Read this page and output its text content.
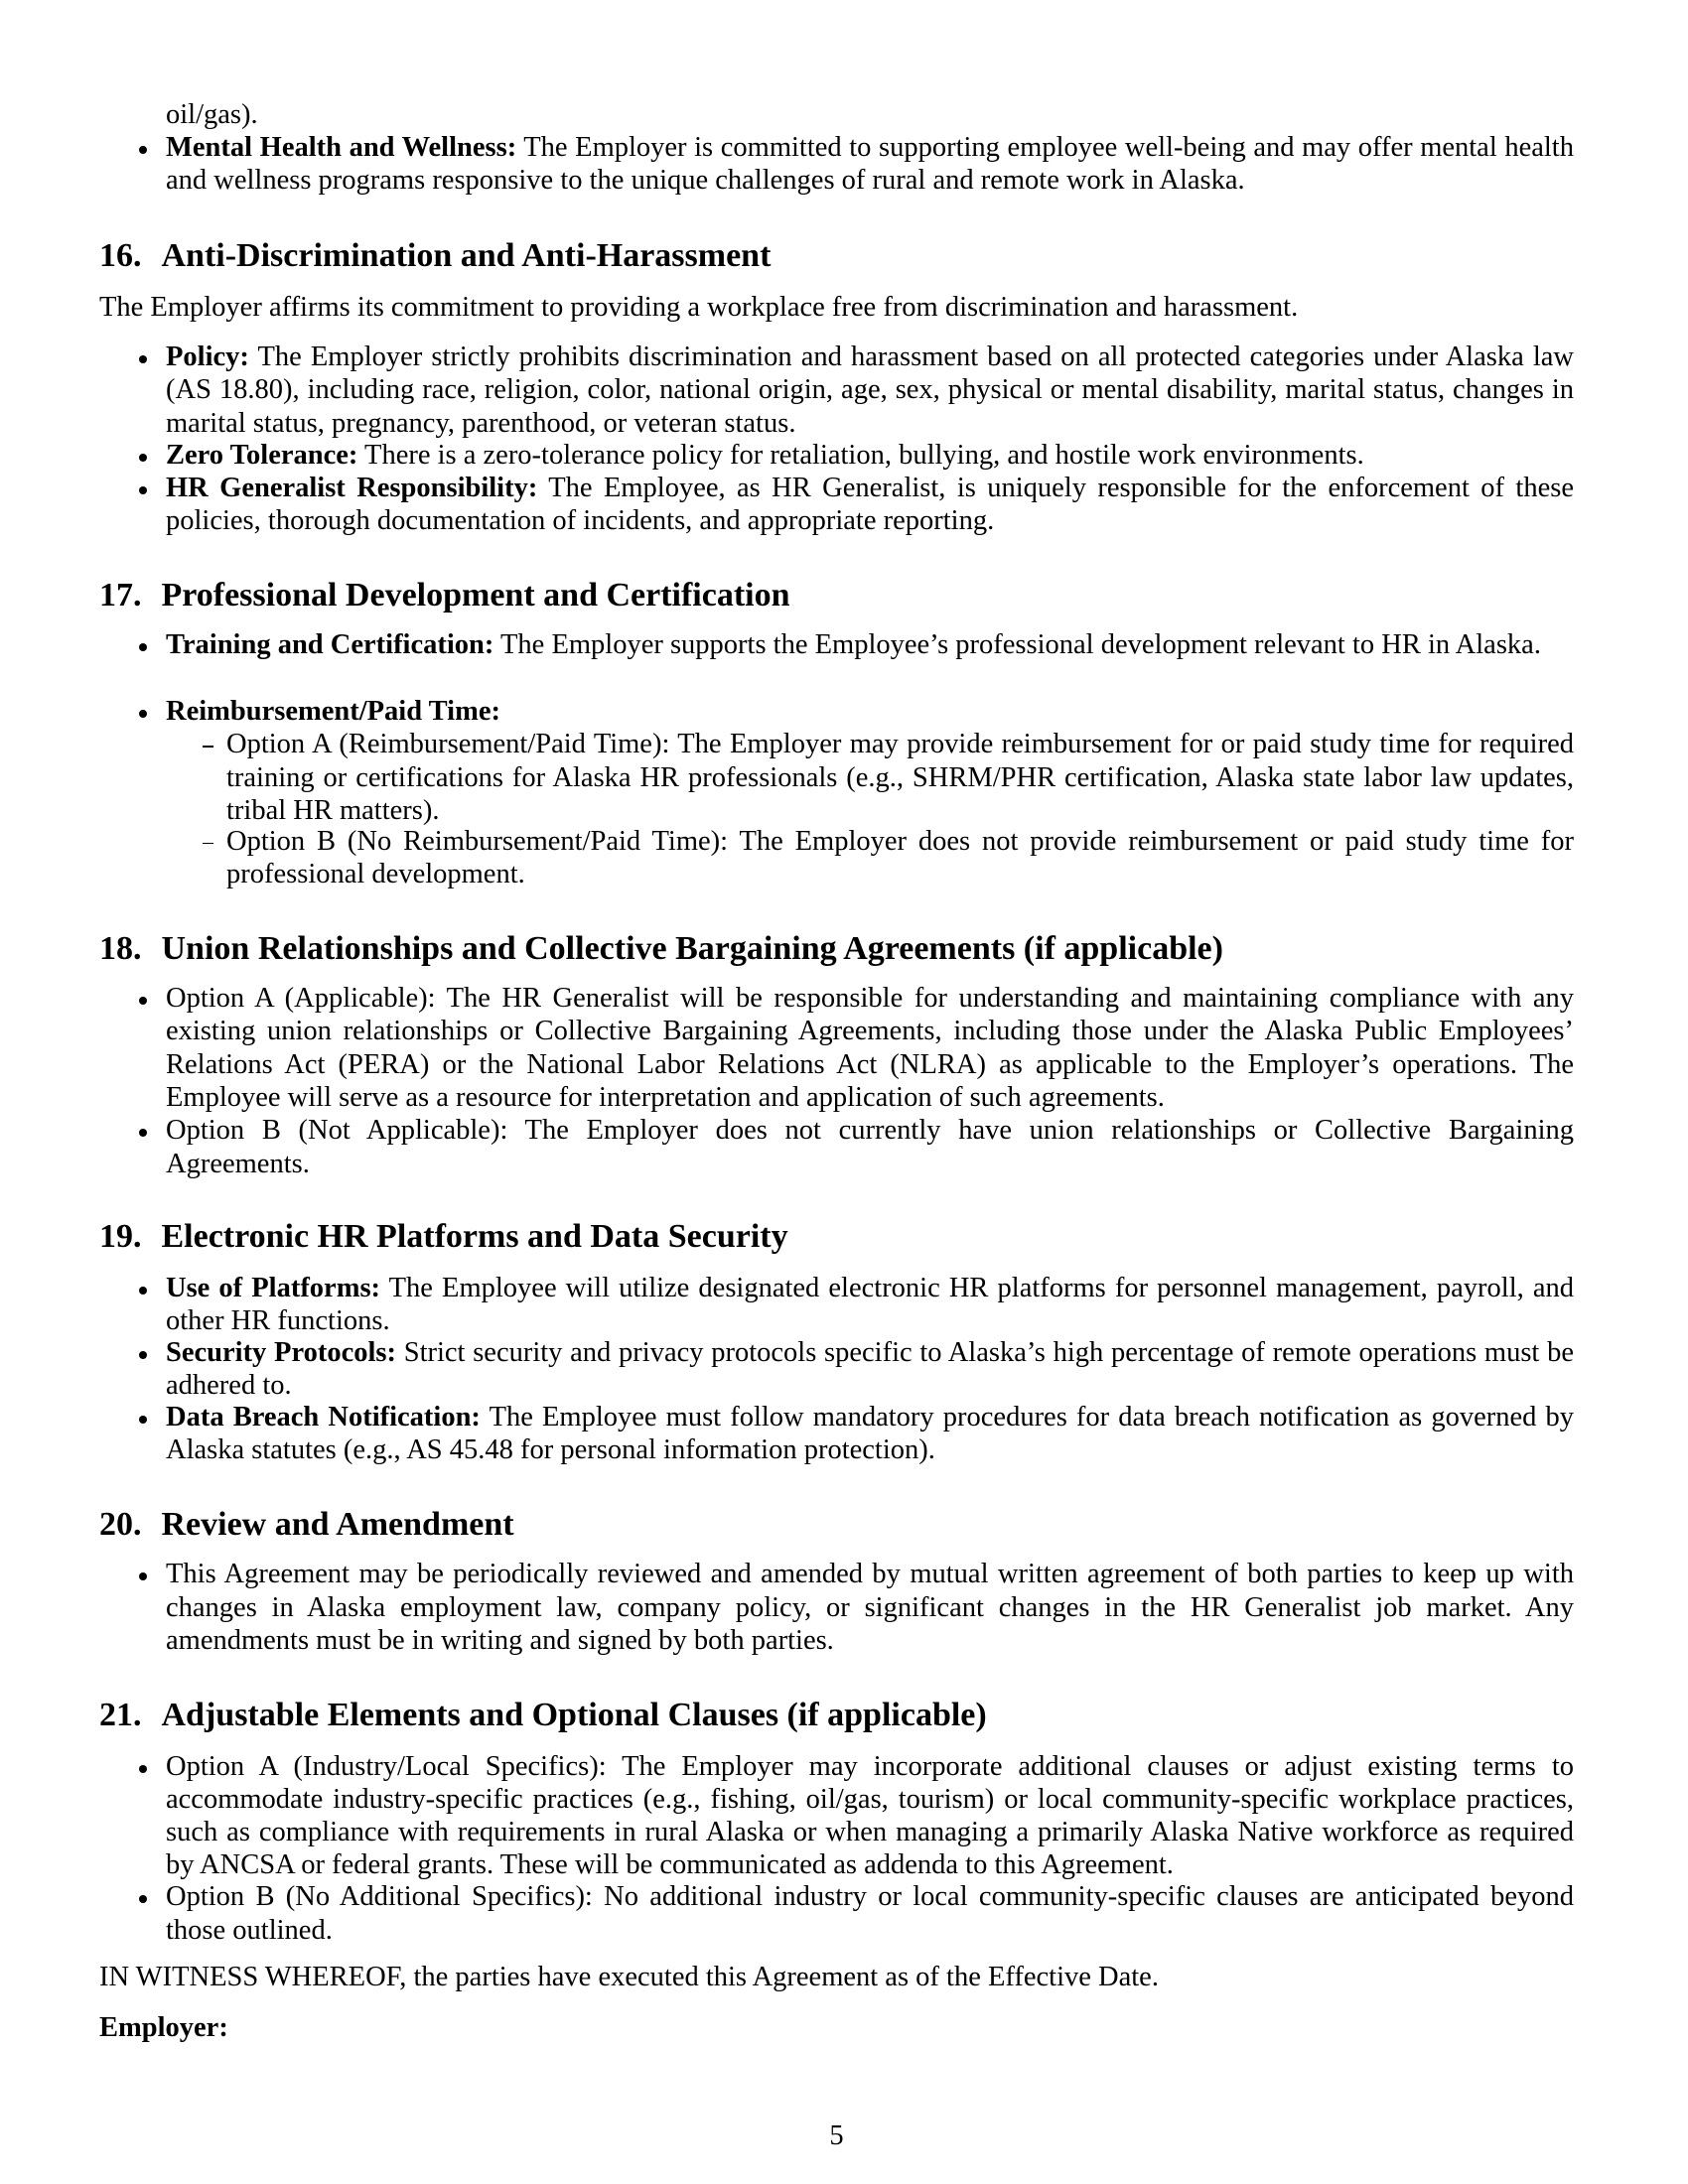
oil/gas).

Mental Health and Wellness: The Employer is committed to supporting employee well-being and may offer mental health and wellness programs responsive to the unique challenges of rural and remote work in Alaska.
16. Anti-Discrimination and Anti-Harassment

The Employer affirms its commitment to providing a workplace free from discrimination and harassment.

Policy: The Employer strictly prohibits discrimination and harassment based on all protected categories under Alaska law (AS 18.80), including race, religion, color, national origin, age, sex, physical or mental disability, marital status, changes in marital status, pregnancy, parenthood, or veteran status.
Zero Tolerance: There is a zero-tolerance policy for retaliation, bullying, and hostile work environments.
HR Generalist Responsibility: The Employee, as HR Generalist, is uniquely responsible for the enforcement of these policies, thorough documentation of incidents, and appropriate reporting.
17. Professional Development and Certification
Training and Certification: The Employer supports the Employee’s professional development relevant to HR in Alaska.
Reimbursement/Paid Time:
Option A (Reimbursement/Paid Time): The Employer may provide reimbursement for or paid study time for required training or certifications for Alaska HR professionals (e.g., SHRM/PHR certification, Alaska state labor law updates, tribal HR matters).
Option B (No Reimbursement/Paid Time): The Employer does not provide reimbursement or paid study time for professional development.
18. Union Relationships and Collective Bargaining Agreements (if applicable)
Option A (Applicable): The HR Generalist will be responsible for understanding and maintaining compliance with any existing union relationships or Collective Bargaining Agreements, including those under the Alaska Public Employees’ Relations Act (PERA) or the National Labor Relations Act (NLRA) as applicable to the Employer’s operations. The Employee will serve as a resource for interpretation and application of such agreements.
Option B (Not Applicable): The Employer does not currently have union relationships or Collective Bargaining Agreements.
19. Electronic HR Platforms and Data Security
Use of Platforms: The Employee will utilize designated electronic HR platforms for personnel management, payroll, and other HR functions.
Security Protocols: Strict security and privacy protocols specific to Alaska’s high percentage of remote operations must be adhered to.
Data Breach Notification: The Employee must follow mandatory procedures for data breach notification as governed by Alaska statutes (e.g., AS 45.48 for personal information protection).
20. Review and Amendment
This Agreement may be periodically reviewed and amended by mutual written agreement of both parties to keep up with changes in Alaska employment law, company policy, or significant changes in the HR Generalist job market. Any amendments must be in writing and signed by both parties.
21. Adjustable Elements and Optional Clauses (if applicable)
Option A (Industry/Local Specifics): The Employer may incorporate additional clauses or adjust existing terms to accommodate industry-specific practices (e.g., fishing, oil/gas, tourism) or local community-specific workplace practices, such as compliance with requirements in rural Alaska or when managing a primarily Alaska Native workforce as required by ANCSA or federal grants. These will be communicated as addenda to this Agreement.
Option B (No Additional Specifics): No additional industry or local community-specific clauses are anticipated beyond those outlined.

IN WITNESS WHEREOF, the parties have executed this Agreement as of the Effective Date.

Employer:

5
